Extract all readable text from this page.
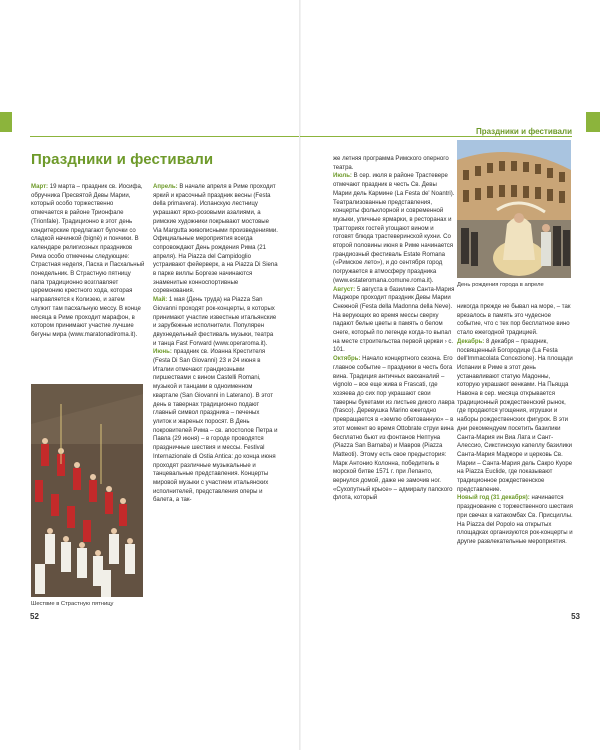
Праздники и фестивали
Март: 19 марта – праздник св. Иосифа, обручника Пресвятой Девы Марии, который особо торжественно отмечается в районе Трионфале (Trionfale). Традиционно в этот день кондитерские предлагают булочки со сладкой начинкой (bignè) и пончики. В календаре религиозных праздников Рима особо отмечены следующие: Страстная неделя, Пасха и Пасхальный понедельник. В Страстную пятницу папа традиционно возглавляет церемонию крестного хода, которая направляется к Колизею, и затем служит там пасхальную мессу. В конце месяца в Риме проходит марафон, в котором принимают участие лучшие бегуны мира (www.maratonadiroma.it).
Шествие в Страстную пятницу
Апрель: В начале апреля в Риме проходит яркий и красочный праздник весны (Festa della primavera). Испанскую лестницу украшают ярко-розовыми азалиями, а римские художники покрывают мостовые Via Margutta живописными произведениями. Официальные мероприятия всегда сопровождают День рождения Рима (21 апреля). На Piazza del Campidoglio устраивают фейерверк, а на Piazza Di Siena в парке виллы Боргезе начинаются знаменитые конноспортивные соревнования.
Май: 1 мая (День труда) на Piazza San Giovanni проходят рок-концерты, в которых принимают участие известные итальянские и зарубежные исполнители. Популярен двухнедельный фестиваль музыки, театра и танца Fast Forward (www.operaroma.it).
Июнь: праздник св. Иоанна Крестителя (Festa Di San Giovanni) 23 и 24 июня в Италии отмечают грандиозными пиршествами с вином Castelli Romani, музыкой и танцами в одноименном квартале (San Giovanni in Laterano). В этот день в тавернах традиционно подают главный символ праздника – печеных улиток и жареных поросят. В День покровителей Рима – св. апостолов Петра и Павла (29 июня) – в городе проводятся праздничные шествия и мессы. Festival Internazionale di Ostia Antica: до конца июня проходят различные музыкальные и танцевальные представления. Концерты мировой музыки с участием итальянских исполнителей, представления оперы и балета, а так-
52
Праздники и фестивали
же летняя программа Римского оперного театра.
Июль: В сер. июля в районе Трастевере отмечают праздник в честь Св. Девы Марии дель Кармине (La Festa de' Noantri). Театрализованные представления, концерты фольклорной и современной музыки, уличные ярмарки, в ресторанах и тратториях гостей угощают вином и готовят блюда трастеверинской кухни. Со второй половины июня в Риме начинается грандиозный фестиваль Estate Romana («Римское лето»), и до сентября город погружается в атмосферу праздника (www.estateromana.comune.roma.it).
Август: 5 августа в базилике Санта-Мария Маджоре проходит праздник Девы Марии Снежной (Festa della Madonna della Neve). На верующих во время мессы сверху падают белые цветы в память о белом снеге, который по легенде когда-то выпал на месте строительства первой церкви › с. 101.
Октябрь: Начало концертного сезона. Его главное событие – праздники в честь бога вина. Традиция античных вакханалий – vignolo – все еще жива в Frascati, где хозяева до сих пор украшают свои таверны букетами из листьев дикого лавра (frasco). Деревушка Marino ежегодно превращается в «землю обетованную» – в этот момент во время Ottobrate струи вина бесплатно бьют из фонтанов Нептуна (Piazza San Barnaba) и Мавров (Piazza Matteoti). Этому есть свое предыстория: Марк Антонио Колонна, победитель в морской битве 1571 г. при Лепанто, вернулся домой, даже не замочив ног. «Сухопутный крысе» – адмиралу папского флота, который
День рождения города в апреле
никогда прежде не бывал на море, – так врезалось в память это чудесное событие, что с тех пор бесплатное вино стало ежегодной традицией.
Декабрь: 8 декабря – праздник, посвященный Богородице (La Festa dell'Immacolata Concezione). На площади Испании в Риме в этот день устанавливают статую Мадонны, которую украшают венками. На Пьяцца Навона в сер. месяца открывается традиционный рождественский рынок, где продаются угощения, игрушки и наборы рождественских фигурок. В эти дни рекомендуем посетить базилики Санта-Мария ин Виа Лата и Сант-Алессио, Сикстинскую капеллу базилики Санта-Мария Маджоре и церковь Св. Марии – Санта-Мария дель Сакро Куоре на Piazza Euclide, где показывают традиционное рождественское представление.
Новый год (31 декабря): начинается празднование с торжественного шествия при свечах в катакомбах Св. Присциллы. На Piazza del Popolo на открытых площадках организуются рок-концерты и другие развлекательные мероприятия.
53
